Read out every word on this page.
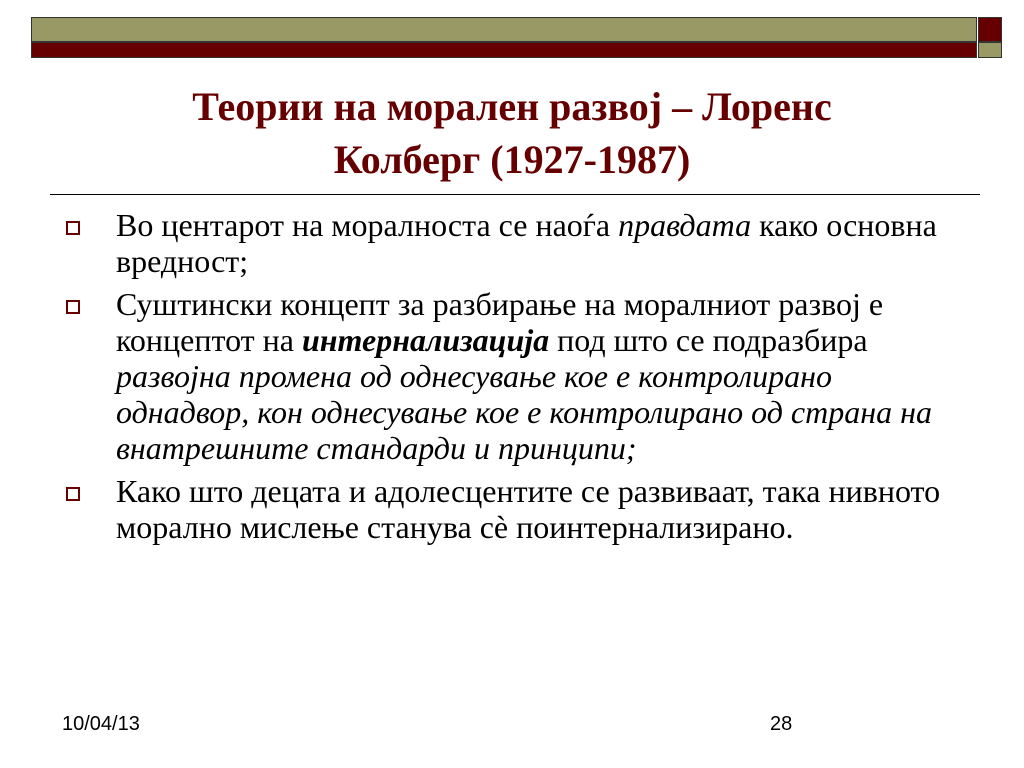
Теории на морален развој – Лоренс
Колберг (1927-1987)
Во центарот на моралноста се наоѓа правдата како основна вредност;
Суштински концепт за разбирање на моралниот развој е концептот на интернализација под што се подразбира развојна промена од однесување кое е контролирано однадвор, кон однесување кое е контролирано од страна на внатрешните стандарди и принципи;
Како што децата и адолесцентите се развиваат, така нивното морално мислење станува сѐ поинтернализирано.
10/04/13	28
